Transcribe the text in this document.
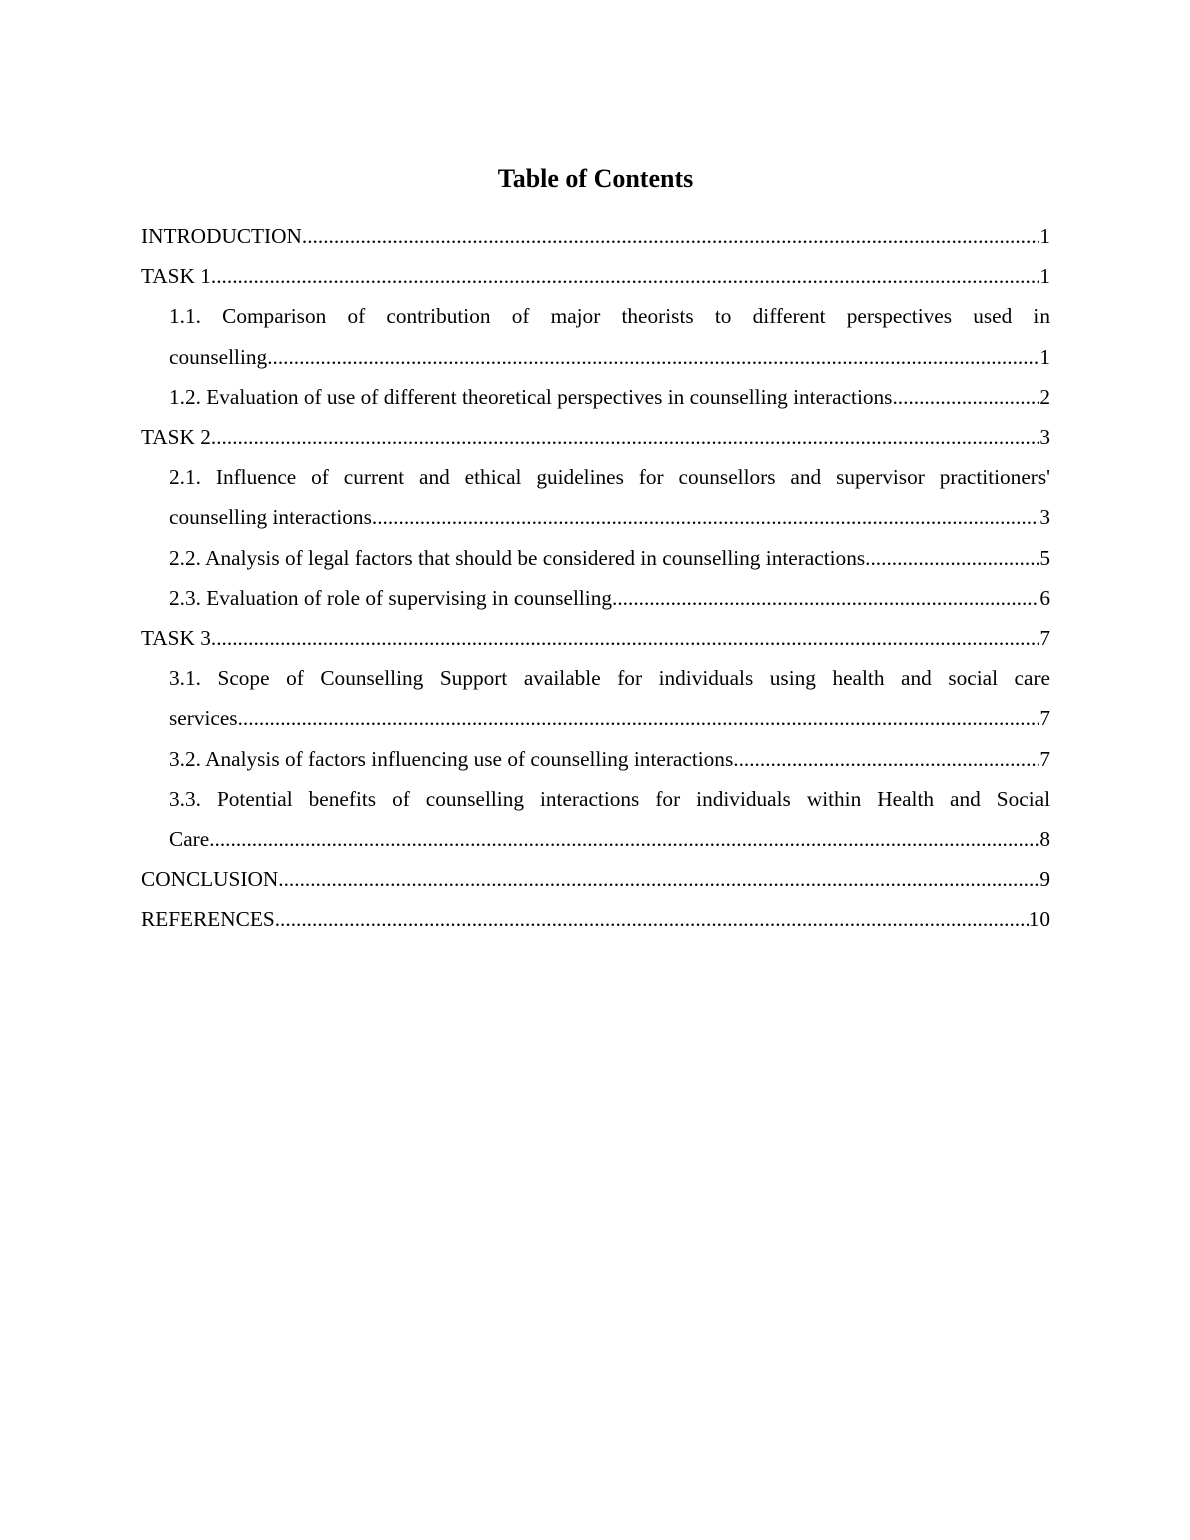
Table of Contents
INTRODUCTION .....	1
TASK 1 .....	1
1.1. Comparison of contribution of major theorists to different perspectives used in
counselling .....	1
1.2. Evaluation of use of different theoretical perspectives in counselling interactions .....	2
TASK 2 .....	3
2.1. Influence of current and ethical guidelines for counsellors and supervisor practitioners'
counselling interactions .....	3
2.2. Analysis of legal factors that should be considered in counselling interactions .....	5
2.3. Evaluation of role of supervising in counselling .....	6
TASK 3 .....	7
3.1. Scope of Counselling Support available for individuals using health and social care
services .....	7
3.2. Analysis of factors influencing use of counselling interactions .....	7
3.3. Potential benefits of counselling interactions for individuals within Health and Social
Care .....	8
CONCLUSION .....	9
REFERENCES .....	10
